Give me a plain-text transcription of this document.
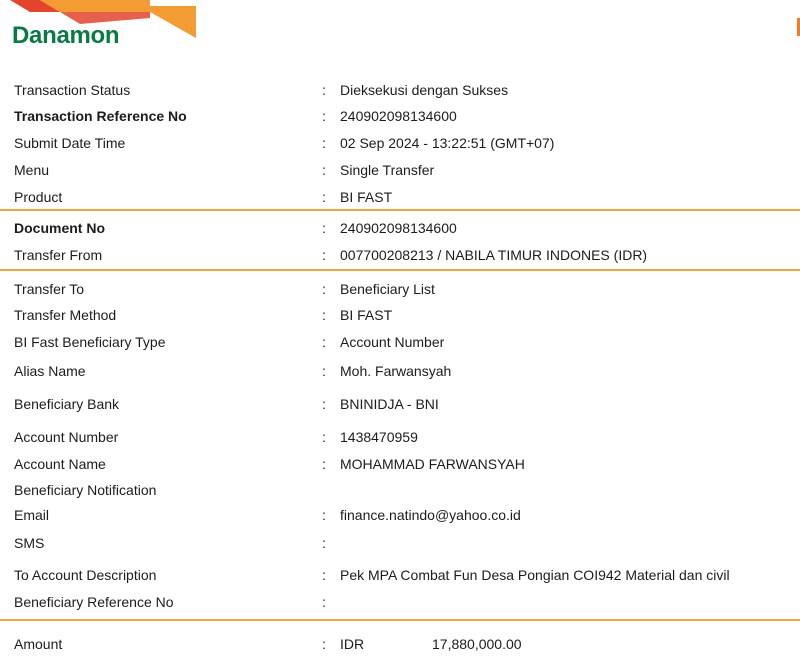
Danamon
Transaction Status	: Dieksekusi dengan Sukses
Transaction Reference No	: 240902098134600
Submit Date Time	: 02 Sep 2024 - 13:22:51 (GMT+07)
Menu	: Single Transfer
Product	: BI FAST
Document No	: 240902098134600
Transfer From	: 007700208213 / NABILA TIMUR INDONES (IDR)
Transfer To	: Beneficiary List
Transfer Method	: BI FAST
BI Fast Beneficiary Type	: Account Number
Alias Name	: Moh. Farwansyah
Beneficiary Bank	: BNINIDJA - BNI
Account Number	: 1438470959
Account Name	: MOHAMMAD FARWANSYAH
Beneficiary Notification
Email	: finance.natindo@yahoo.co.id
SMS	:
To Account Description	: Pek MPA Combat Fun Desa Pongian COI942 Material dan civil
Beneficiary Reference No	:
Amount	: IDR	17,880,000.00
